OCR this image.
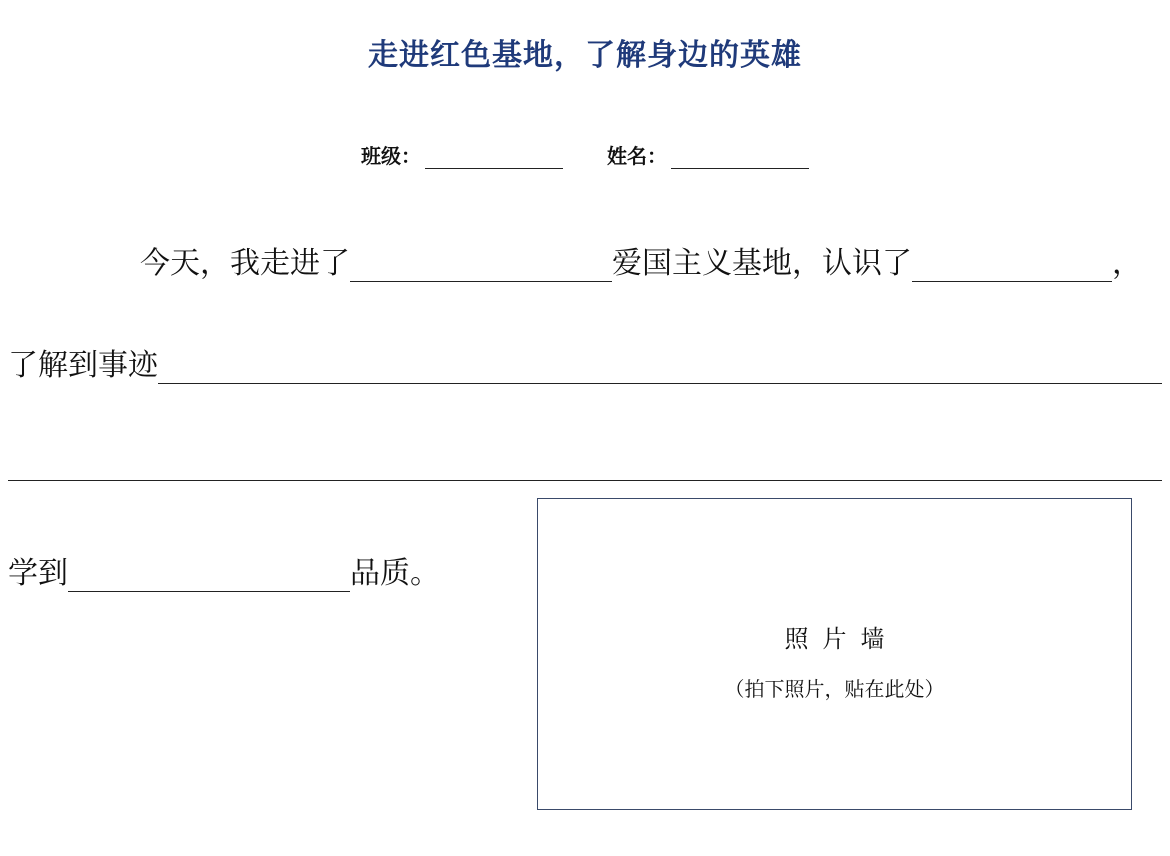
走进红色基地，了解身边的英雄
班级：	姓名：
今天，我走进了	爱国主义基地，认识了	，
了解到事迹
学到	品质。
照片墙
（拍下照片，贴在此处）
